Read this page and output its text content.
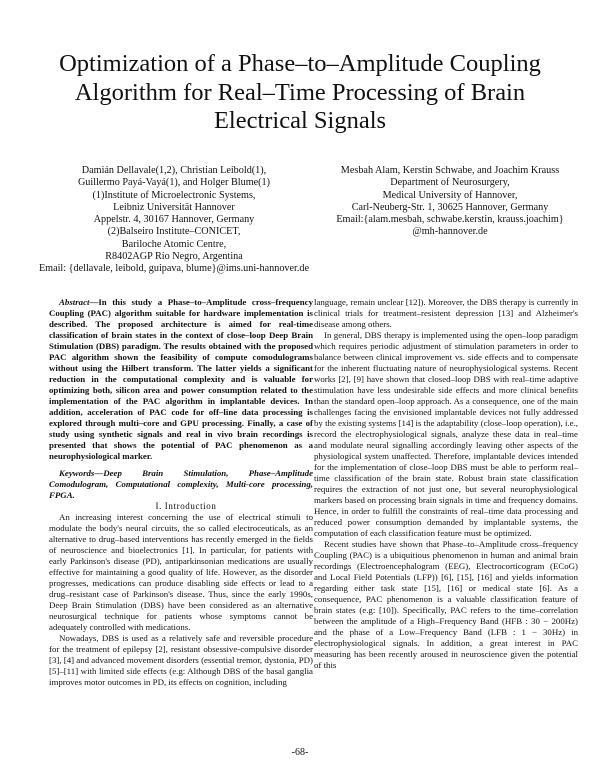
Optimization of a Phase–to–Amplitude Coupling
Algorithm for Real–Time Processing of Brain
Electrical Signals
Damián Dellavale(1,2), Christian Leibold(1),
Guillermo Payá-Vayá(1), and Holger Blume(1)
(1)Institute of Microelectronic Systems,
Leibniz Universität Hannover
Appelstr. 4, 30167 Hannover, Germany
(2)Balseiro Institute–CONICET,
Bariloche Atomic Centre,
R8402AGP Río Negro, Argentina
Email: {dellavale, leibold, guipava, blume}@ims.uni-hannover.de
Mesbah Alam, Kerstin Schwabe, and Joachim Krauss
Department of Neurosurgery,
Medical University of Hannover,
Carl-Neuberg-Str. 1, 30625 Hannover, Germany
Email:{alam.mesbah, schwabe.kerstin, krauss.joachim}
@mh-hannover.de

Abstract—In this study a Phase–to–Amplitude cross–frequency Coupling (PAC) algorithm suitable for hardware implementation is described. The proposed architecture is aimed for real-time classification of brain states in the context of close–loop Deep Brain Stimulation (DBS) paradigm. The results obtained with the proposed PAC algorithm shown the feasibility of compute comodulograms without using the Hilbert transform. The latter yields a significant reduction in the computational complexity and is valuable for optimizing both, silicon area and power consumption related to the implementation of the PAC algorithm in implantable devices. In addition, acceleration of PAC code for off–line data processing is explored through multi–core and GPU processing. Finally, a case of study using synthetic signals and real in vivo brain recordings is presented that shows the potential of PAC phenomenon as a neurophysiological marker.

Keywords—Deep Brain Stimulation, Phase–Amplitude Comodulogram, Computational complexity, Multi-core processing, FPGA.

I. Introduction

An increasing interest concerning the use of electrical stimuli to modulate the body's neural circuits, the so called electroceuticals, as an alternative to drug–based interventions has recently emerged in the fields of neuroscience and bioelectronics [1]. In particular, for patients with early Parkinson's disease (PD), antiparkinsonian medications are usually effective for maintaining a good quality of life. However, as the disorder progresses, medications can produce disabling side effects or lead to a drug–resistant case of Parkinson's disease. Thus, since the early 1990s, Deep Brain Stimulation (DBS) have been considered as an alternative neurosurgical technique for patients whose symptoms cannot be adequately controlled with medications.

Nowadays, DBS is used as a relatively safe and reversible procedure for the treatment of epilepsy [2], resistant obsessive-compulsive disorder [3], [4] and advanced movement disorders (essential tremor, dystonia, PD) [5]–[11] with limited side effects (e.g: Although DBS of the basal ganglia improves motor outcomes in PD, its effects on cognition, including

language, remain unclear [12]). Moreover, the DBS therapy is currently in clinical trials for treatment–resistent depression [13] and Alzheimer's disease among others.

In general, DBS therapy is implemented using the open–loop paradigm which requires periodic adjustment of stimulation parameters in order to balance between clinical improvement vs. side effects and to compensate for the inherent fluctuating nature of neurophysiological systems. Recent works [2], [9] have shown that closed–loop DBS with real–time adaptive stimulation have less undesirable side effects and more clinical benefits than the standard open–loop approach. As a consequence, one of the main challenges facing the envisioned implantable devices not fully addressed by the existing systems [14] is the adaptability (close–loop operation), i.e., record the electrophysiological signals, analyze these data in real–time and modulate neural signalling accordingly leaving other aspects of the physiological system unaffected. Therefore, implantable devices intended for the implementation of close–loop DBS must be able to perform real–time classification of the brain state. Robust brain state classification requires the extraction of not just one, but several neurophysiological markers based on processing brain signals in time and frequency domains. Hence, in order to fulfill the constraints of real–time data processing and reduced power consumption demanded by implantable systems, the computation of each classification feature must be optimized.

Recent studies have shown that Phase–to–Amplitude cross–frequency Coupling (PAC) is a ubiquitious phenomenon in human and animal brain recordings (Electroencephalogram (EEG), Electrocorticogram (ECoG) and Local Field Potentials (LFP)) [6], [15], [16] and yields information regarding either task state [15], [16] or medical state [6]. As a consequence, PAC phenomenon is a valuable classification feature of brain states (e.g: [10]). Specifically, PAC refers to the time–correlation between the amplitude of a High–Frequency Band (HFB : 30 − 200Hz) and the phase of a Low–Frequency Band (LFB : 1 − 30Hz) in electrophysiological signals. In addition, a great interest in PAC measuring has been recently aroused in neuroscience given the potential of this

-68-
